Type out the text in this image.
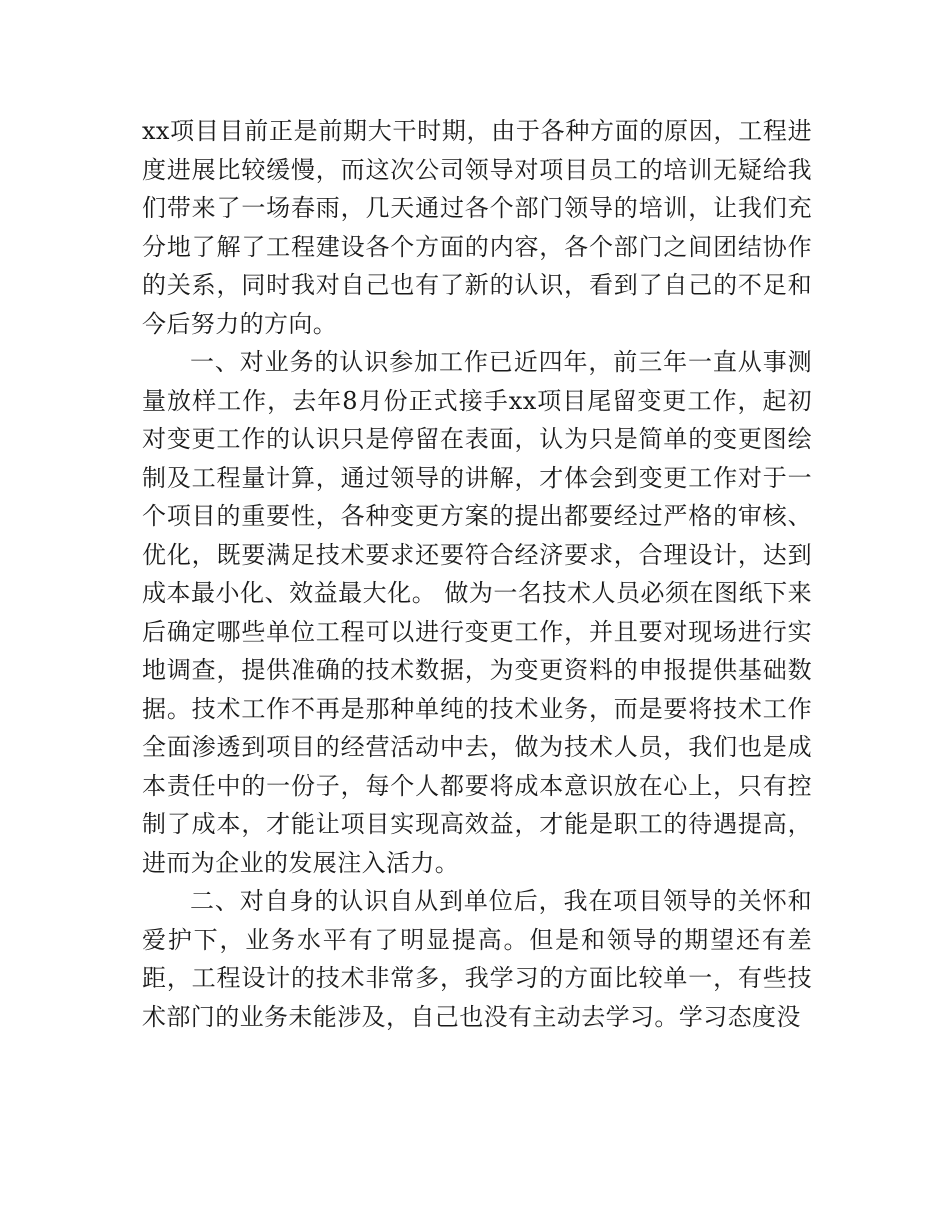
xx项目目前正是前期大干时期，由于各种方面的原因，工程进度进展比较缓慢，而这次公司领导对项目员工的培训无疑给我们带来了一场春雨，几天通过各个部门领导的培训，让我们充分地了解了工程建设各个方面的内容，各个部门之间团结协作的关系，同时我对自己也有了新的认识，看到了自己的不足和今后努力的方向。

一、对业务的认识参加工作已近四年，前三年一直从事测量放样工作，去年8月份正式接手xx项目尾留变更工作，起初对变更工作的认识只是停留在表面，认为只是简单的变更图绘制及工程量计算，通过领导的讲解，才体会到变更工作对于一个项目的重要性，各种变更方案的提出都要经过严格的审核、优化，既要满足技术要求还要符合经济要求，合理设计，达到成本最小化、效益最大化。 做为一名技术人员必须在图纸下来后确定哪些单位工程可以进行变更工作，并且要对现场进行实地调查，提供准确的技术数据，为变更资料的申报提供基础数据。技术工作不再是那种单纯的技术业务，而是要将技术工作全面渗透到项目的经营活动中去，做为技术人员，我们也是成本责任中的一份子，每个人都要将成本意识放在心上，只有控制了成本，才能让项目实现高效益，才能是职工的待遇提高，进而为企业的发展注入活力。

二、对自身的认识自从到单位后，我在项目领导的关怀和爱护下，业务水平有了明显提高。但是和领导的期望还有差距，工程设计的技术非常多，我学习的方面比较单一，有些技术部门的业务未能涉及，自己也没有主动去学习。学习态度没
